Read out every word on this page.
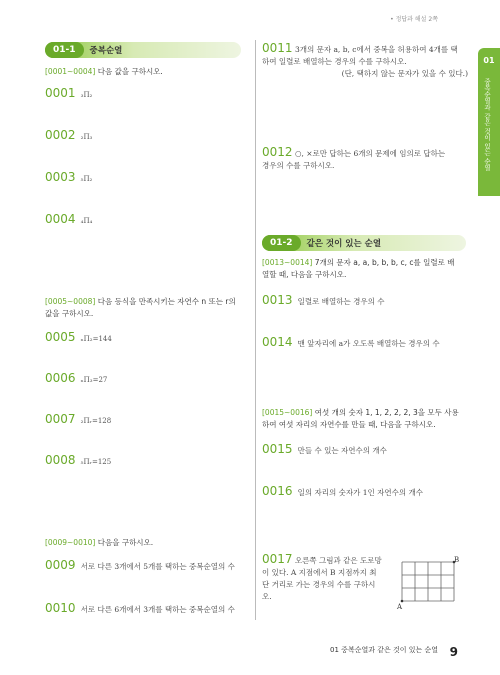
• 정답과 해설 2쪽
01
중복순열과 같은 것이 있는 순열
01-1	중복순열
[0001~0004] 다음 값을 구하시오.
0001 ₃Π₂
0002 ₂Π₃
0003 ₅Π₂
0004 ₄Π₄
[0005~0008] 다음 등식을 만족시키는 자연수 n 또는 r의 값을 구하시오.
0005 ₙΠ₂=144
0006 ₙΠ₃=27
0007 ₂Πᵣ=128
0008 ₅Πᵣ=125
[0009~0010] 다음을 구하시오.
0009 서로 다른 3개에서 5개를 택하는 중복순열의 수
0010 서로 다른 6개에서 3개를 택하는 중복순열의 수
0011 3개의 문자 a, b, c에서 중복을 허용하여 4개를 택
하여 일렬로 배열하는 경우의 수를 구하시오.

(단, 택하지 않는 문자가 있을 수 있다.)
0012 ○, ×로만 답하는 6개의 문제에 임의로 답하는
경우의 수를 구하시오.
01-2	같은 것이 있는 순열
[0013~0014] 7개의 문자 a, a, b, b, b, c, c를 일렬로 배
열할 때, 다음을 구하시오.
0013 일렬로 배열하는 경우의 수
0014 맨 앞자리에 a가 오도록 배열하는 경우의 수
[0015~0016] 여섯 개의 숫자 1, 1, 2, 2, 2, 3을 모두 사용
하여 여섯 자리의 자연수를 만들 때, 다음을 구하시오.
0015 만들 수 있는 자연수의 개수
0016 일의 자리의 숫자가 1인 자연수의 개수
0017 오른쪽 그림과 같은 도로망
이 있다. A 지점에서 B 지점까지 최
단 거리로 가는 경우의 수를 구하시
오.
A
B
01 중복순열과 같은 것이 있는 순열 9
